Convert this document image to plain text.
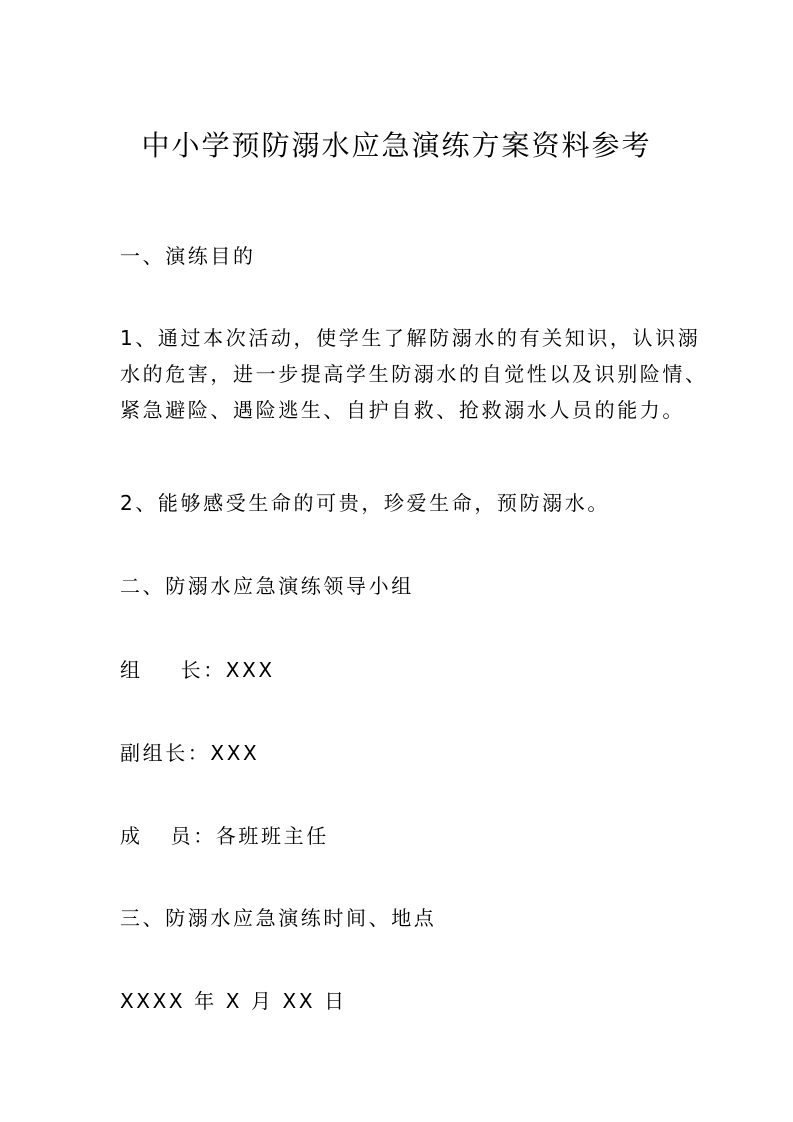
中小学预防溺水应急演练方案资料参考

一、演练目的

1、通过本次活动，使学生了解防溺水的有关知识，认识溺
水的危害，进一步提高学生防溺水的自觉性以及识别险情、
紧急避险、遇险逃生、自护自救、抢救溺水人员的能力。

2、能够感受生命的可贵，珍爱生命，预防溺水。

二、防溺水应急演练领导小组

组 长：XXX

副组长：XXX

成 员：各班班主任

三、防溺水应急演练时间、地点

XXXX 年 X 月 XX 日
